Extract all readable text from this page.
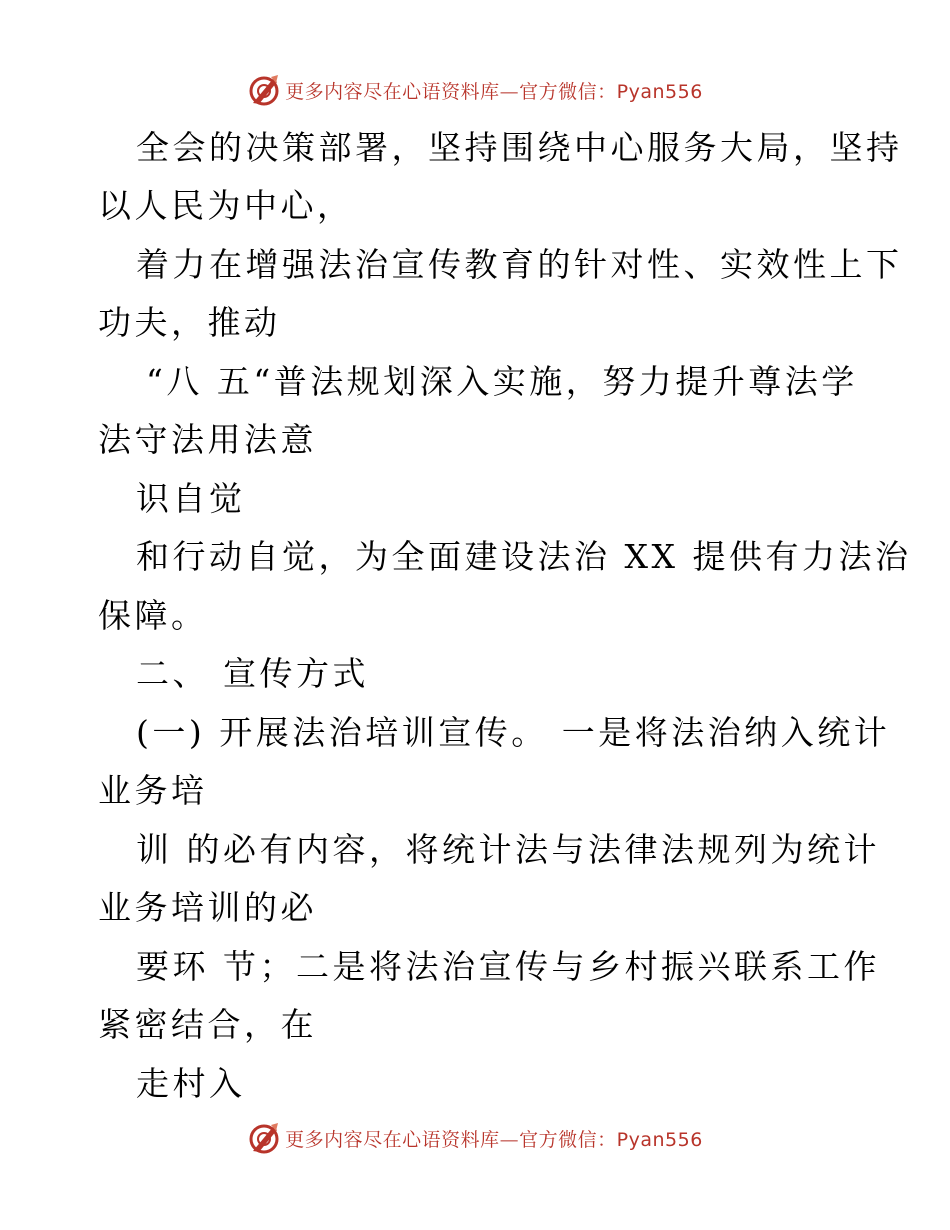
更多内容尽在心语资料库—官方微信：Pyan556
全会的决策部署，坚持围绕中心服务大局，坚持
以人民为中心，
着力在增强法治宣传教育的针对性、实效性上下
功夫，推动
“八 五“普法规划深入实施，努力提升尊法学
法守法用法意
识自觉
和行动自觉，为全面建设法治 XX 提供有力法治
保障。
二、 宣传方式
(一) 开展法治培训宣传。 一是将法治纳入统计
业务培
训 的必有内容，将统计法与法律法规列为统计
业务培训的必
要环 节；二是将法治宣传与乡村振兴联系工作
紧密结合，在
走村入
更多内容尽在心语资料库—官方微信：Pyan556
